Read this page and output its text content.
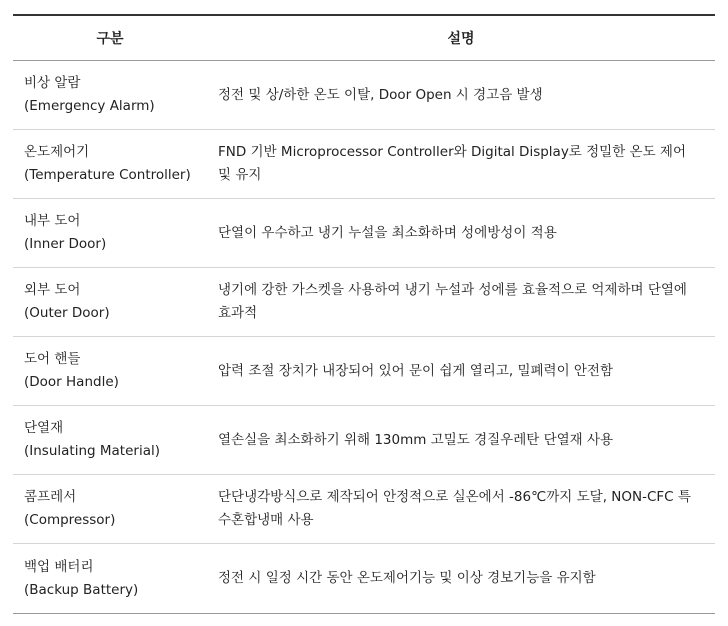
구분	설명

비상 알람
(Emergency Alarm)	정전 및 상/하한 온도 이탈, Door Open 시 경고음 발생

온도제어기
(Temperature Controller)	FND 기반 Microprocessor Controller와 Digital Display로 정밀한 온도 제어 및 유지

내부 도어
(Inner Door)	단열이 우수하고 냉기 누설을 최소화하며 성에방성이 적용

외부 도어
(Outer Door)	냉기에 강한 가스켓을 사용하여 냉기 누설과 성에를 효율적으로 억제하며 단열에 효과적

도어 핸들
(Door Handle)	압력 조절 장치가 내장되어 있어 문이 쉽게 열리고, 밀폐력이 안전함

단열재
(Insulating Material)	열손실을 최소화하기 위해 130mm 고밀도 경질우레탄 단열재 사용

콤프레서
(Compressor)	단단냉각방식으로 제작되어 안정적으로 실온에서 -86℃까지 도달, NON-CFC 특수혼합냉매 사용

백업 배터리
(Backup Battery)	정전 시 일정 시간 동안 온도제어기능 및 이상 경보기능을 유지함
